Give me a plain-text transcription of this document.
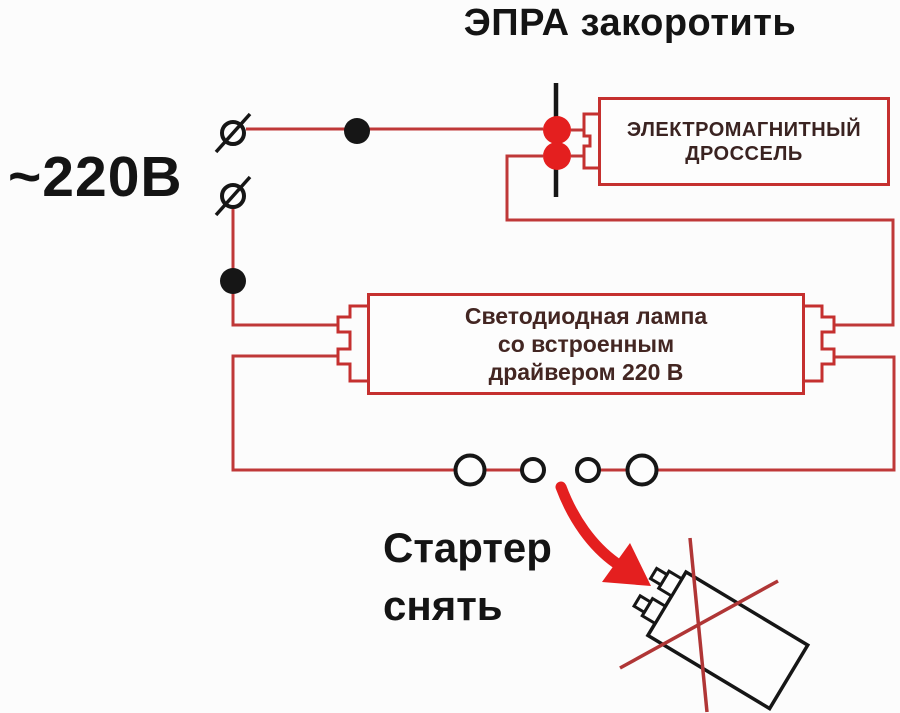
ЭПРА закоротить
~220В
ЭЛЕКТРОМАГНИТНЫЙ
ДРОССЕЛЬ
Светодиодная лампа
со встроенным
драйвером 220 В
Стартер
снять
